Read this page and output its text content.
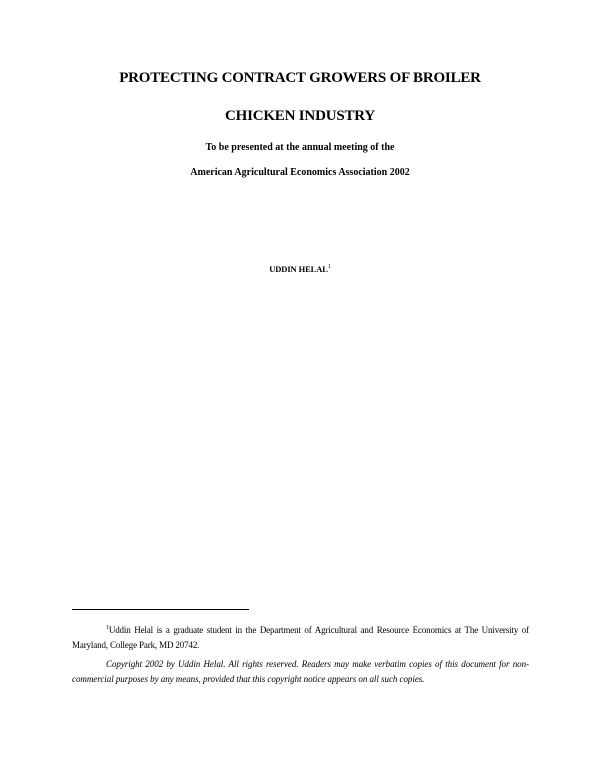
PROTECTING CONTRACT GROWERS OF BROILER
CHICKEN INDUSTRY
To be presented at the annual meeting of the
American Agricultural Economics Association 2002
UDDIN HELAL$^1$
$^1$Uddin Helal is a graduate student in the Department of Agricultural and Resource Economics at The University of Maryland, College Park, MD 20742.
Copyright 2002 by Uddin Helal. All rights reserved. Readers may make verbatim copies of this document for non-commercial purposes by any means, provided that this copyright notice appears on all such copies.
